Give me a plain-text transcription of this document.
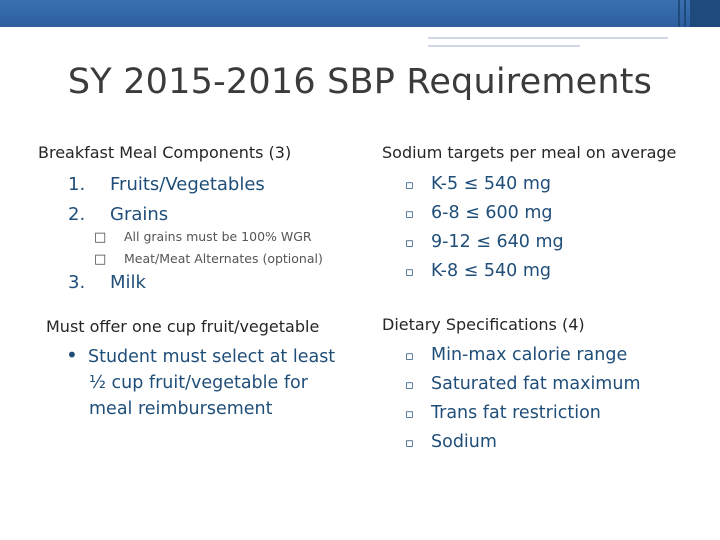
SY 2015-2016 SBP Requirements
Breakfast Meal Components (3)
1. Fruits/Vegetables
2. Grains
□ All grains must be 100% WGR
□ Meat/Meat Alternates (optional)
3. Milk
Must offer one cup fruit/vegetable
• Student must select at least
½ cup fruit/vegetable for
meal reimbursement
Sodium targets per meal on average
▫ K-5 ≤ 540 mg
▫ 6-8 ≤ 600 mg
▫ 9-12 ≤ 640 mg
▫ K-8 ≤ 540 mg
Dietary Specifications (4)
▫ Min-max calorie range
▫ Saturated fat maximum
▫ Trans fat restriction
▫ Sodium
